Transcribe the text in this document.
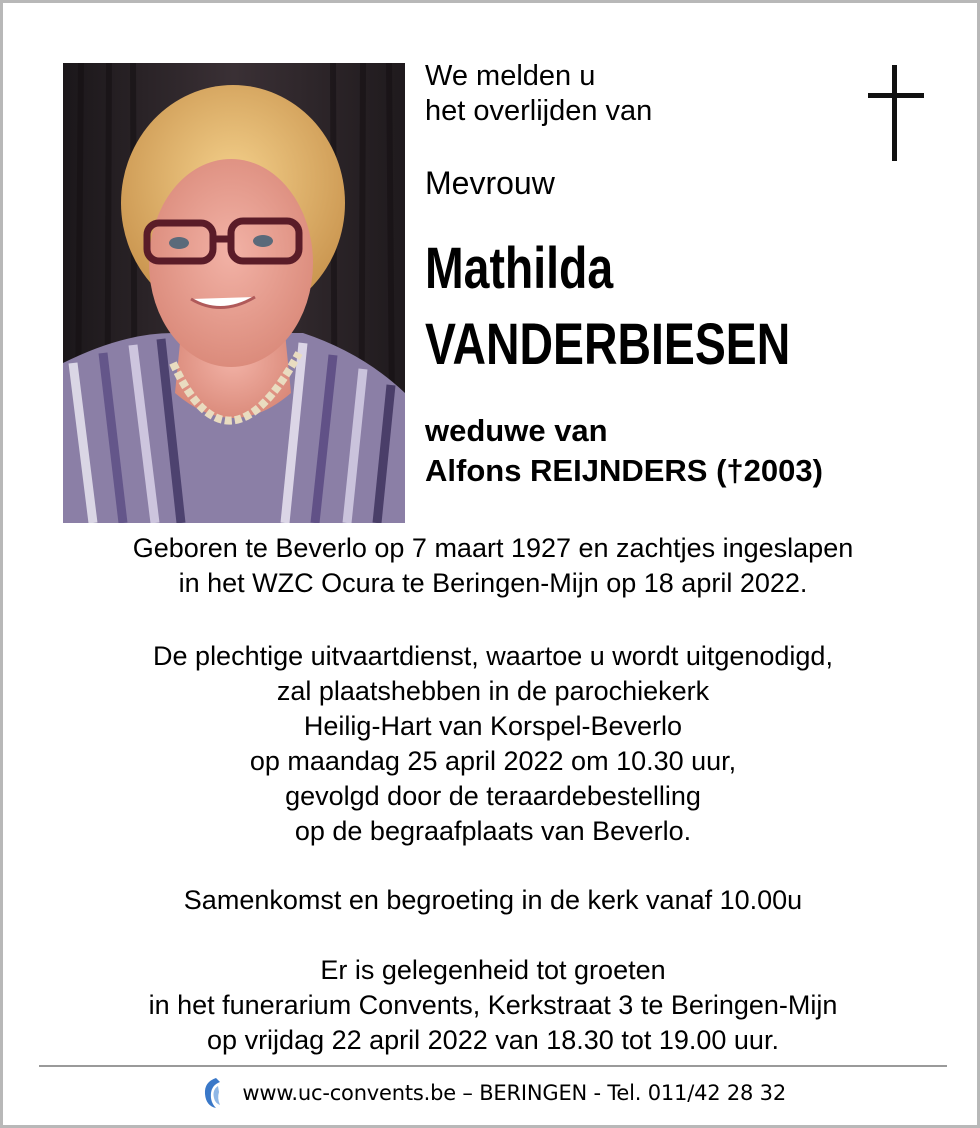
We melden u
het overlijden van
Mevrouw
Mathilda
VANDERBIESEN
weduwe van
Alfons REIJNDERS (†2003)
Geboren te Beverlo op 7 maart 1927 en zachtjes ingeslapen
in het WZC Ocura te Beringen-Mijn op 18 april 2022.
De plechtige uitvaartdienst, waartoe u wordt uitgenodigd,
zal plaatshebben in de parochiekerk
Heilig-Hart van Korspel-Beverlo
op maandag 25 april 2022 om 10.30 uur,
gevolgd door de teraardebestelling
op de begraafplaats van Beverlo.
Samenkomst en begroeting in de kerk vanaf 10.00u
Er is gelegenheid tot groeten
in het funerarium Convents, Kerkstraat 3 te Beringen-Mijn
op vrijdag 22 april 2022 van 18.30 tot 19.00 uur.
www.uc-convents.be – BERINGEN - Tel. 011/42 28 32
